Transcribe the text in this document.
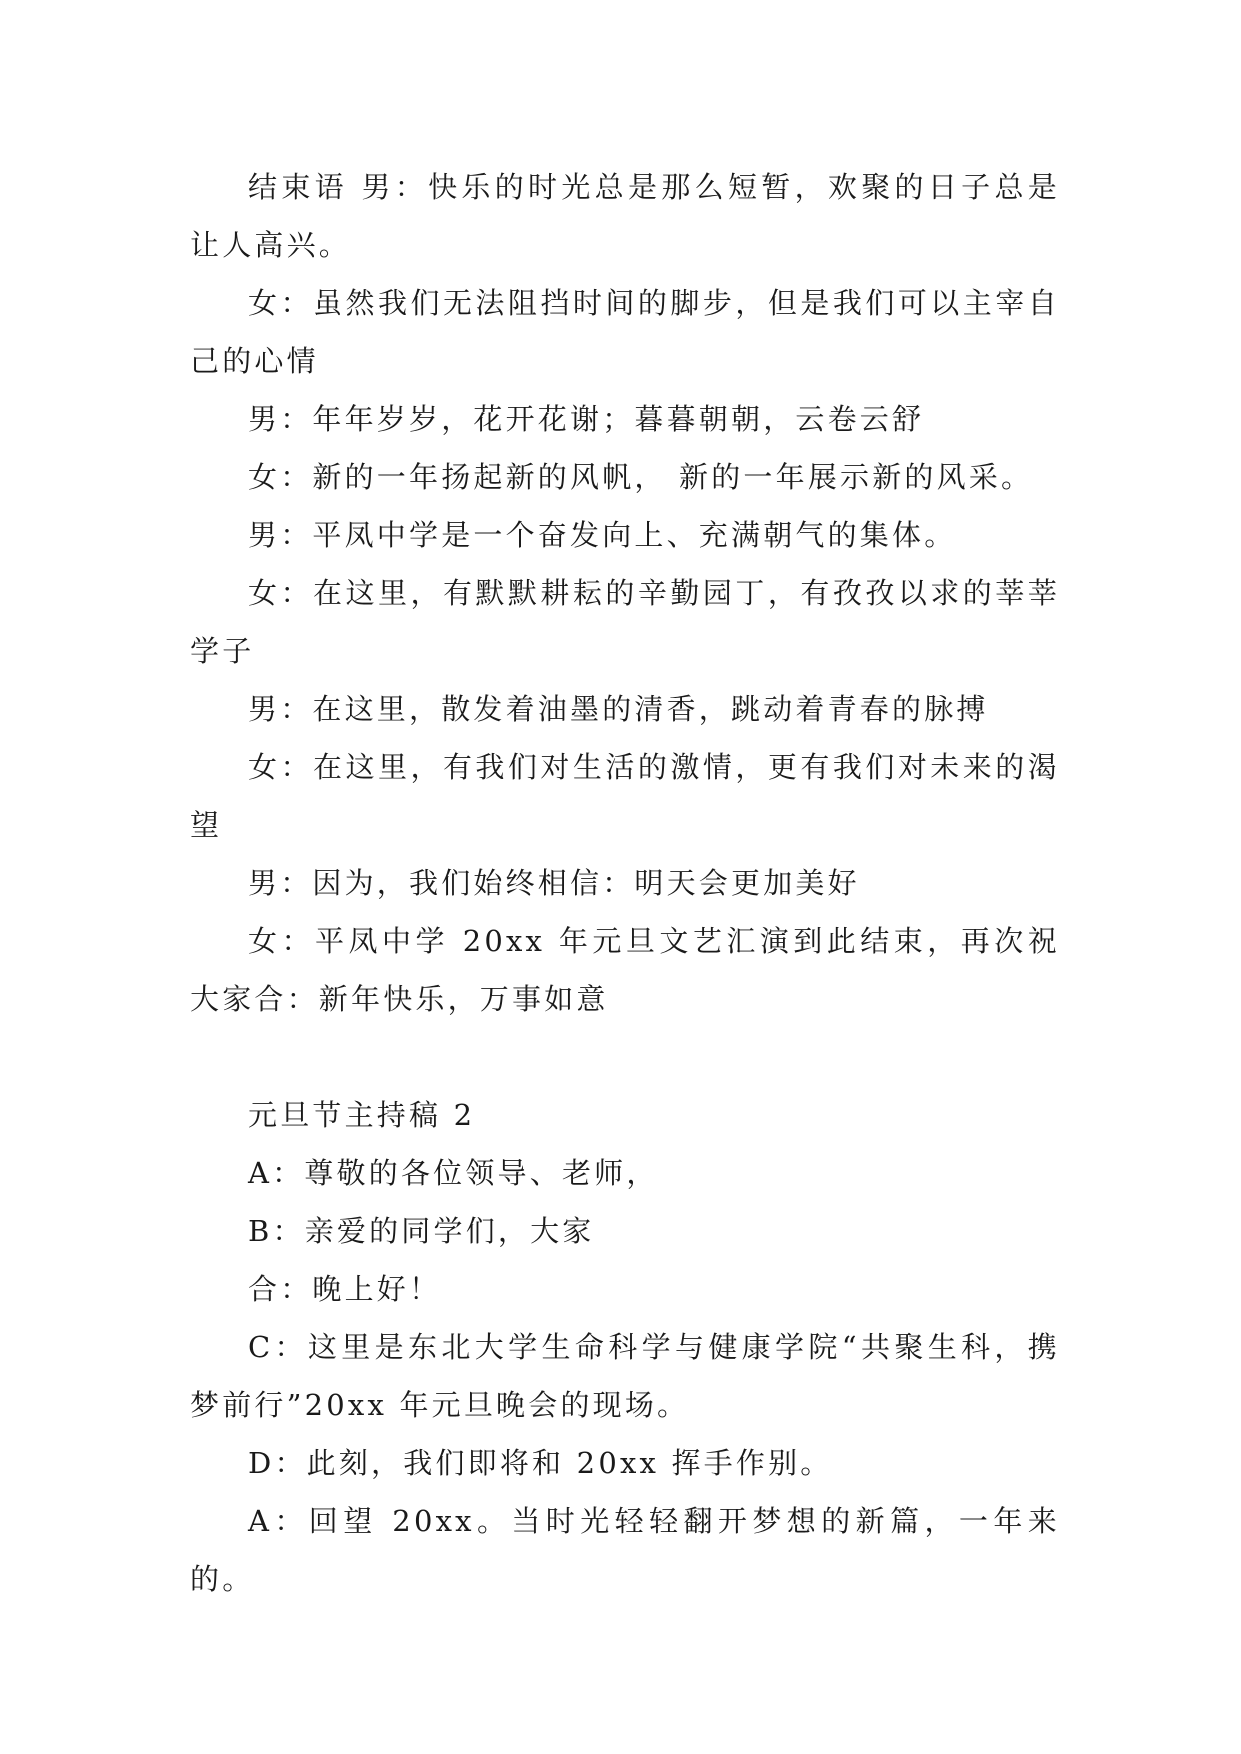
结束语 男：快乐的时光总是那么短暂，欢聚的日子总是让人高兴。

女：虽然我们无法阻挡时间的脚步，但是我们可以主宰自己的心情

男：年年岁岁，花开花谢；暮暮朝朝，云卷云舒

女：新的一年扬起新的风帆， 新的一年展示新的风采。

男：平凤中学是一个奋发向上、充满朝气的集体。

女：在这里，有默默耕耘的辛勤园丁，有孜孜以求的莘莘学子

男：在这里，散发着油墨的清香，跳动着青春的脉搏

女：在这里，有我们对生活的激情，更有我们对未来的渴望

男：因为，我们始终相信：明天会更加美好

女：平凤中学 20xx 年元旦文艺汇演到此结束，再次祝大家合：新年快乐，万事如意

元旦节主持稿 2

A：尊敬的各位领导、老师，

B：亲爱的同学们，大家

合：晚上好！

C：这里是东北大学生命科学与健康学院“共聚生科，携梦前行”20xx 年元旦晚会的现场。

D：此刻，我们即将和 20xx 挥手作别。

A：回望 20xx。当时光轻轻翻开梦想的新篇，一年来的。
